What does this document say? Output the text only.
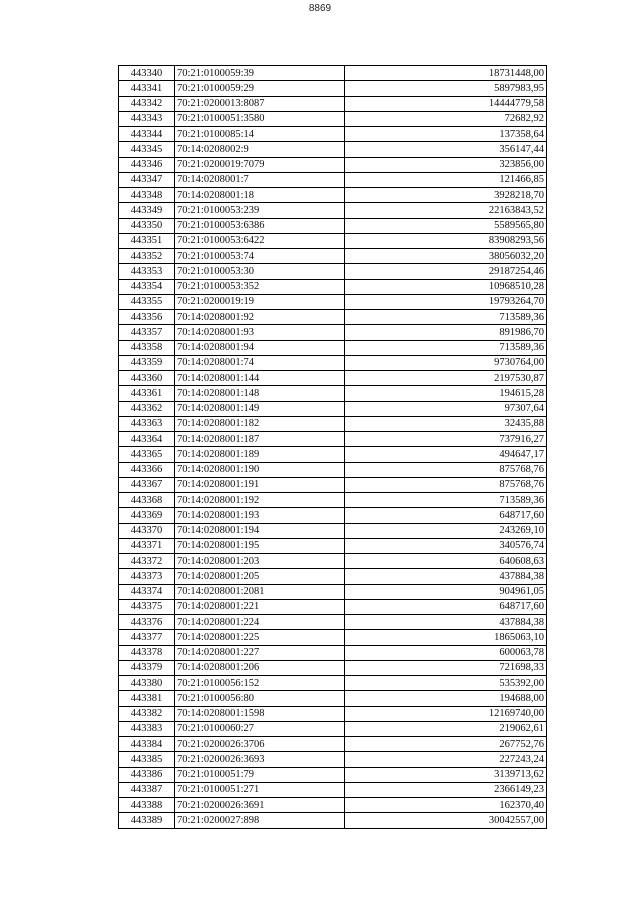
8869
443340	70:21:0100059:39	18731448,00
443341	70:21:0100059:29	5897983,95
443342	70:21:0200013:8087	14444779,58
443343	70:21:0100051:3580	72682,92
443344	70:21:0100085:14	137358,64
443345	70:14:0208002:9	356147,44
443346	70:21:0200019:7079	323856,00
443347	70:14:0208001:7	121466,85
443348	70:14:0208001:18	3928218,70
443349	70:21:0100053:239	22163843,52
443350	70:21:0100053:6386	5589565,80
443351	70:21:0100053:6422	83908293,56
443352	70:21:0100053:74	38056032,20
443353	70:21:0100053:30	29187254,46
443354	70:21:0100053:352	10968510,28
443355	70:21:0200019:19	19793264,70
443356	70:14:0208001:92	713589,36
443357	70:14:0208001:93	891986,70
443358	70:14:0208001:94	713589,36
443359	70:14:0208001:74	9730764,00
443360	70:14:0208001:144	2197530,87
443361	70:14:0208001:148	194615,28
443362	70:14:0208001:149	97307,64
443363	70:14:0208001:182	32435,88
443364	70:14:0208001:187	737916,27
443365	70:14:0208001:189	494647,17
443366	70:14:0208001:190	875768,76
443367	70:14:0208001:191	875768,76
443368	70:14:0208001:192	713589,36
443369	70:14:0208001:193	648717,60
443370	70:14:0208001:194	243269,10
443371	70:14:0208001:195	340576,74
443372	70:14:0208001:203	640608,63
443373	70:14:0208001:205	437884,38
443374	70:14:0208001:2081	904961,05
443375	70:14:0208001:221	648717,60
443376	70:14:0208001:224	437884,38
443377	70:14:0208001:225	1865063,10
443378	70:14:0208001:227	600063,78
443379	70:14:0208001:206	721698,33
443380	70:21:0100056:152	535392,00
443381	70:21:0100056:80	194688,00
443382	70:14:0208001:1598	12169740,00
443383	70:21:0100060:27	219062,61
443384	70:21:0200026:3706	267752,76
443385	70:21:0200026:3693	227243,24
443386	70:21:0100051:79	3139713,62
443387	70:21:0100051:271	2366149,23
443388	70:21:0200026:3691	162370,40
443389	70:21:0200027:898	30042557,00
